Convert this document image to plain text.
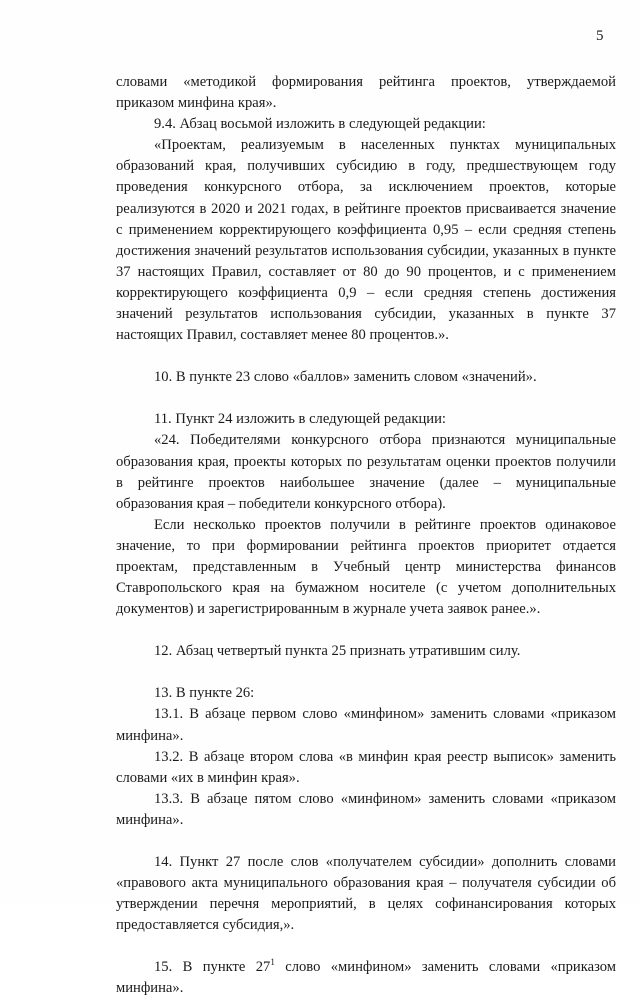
5

словами «методикой формирования рейтинга проектов, утверждаемой приказом минфина края».

9.4. Абзац восьмой изложить в следующей редакции:

«Проектам, реализуемым в населенных пунктах муниципальных образований края, получивших субсидию в году, предшествующем году проведения конкурсного отбора, за исключением проектов, которые реализуются в 2020 и 2021 годах, в рейтинге проектов присваивается значение с применением корректирующего коэффициента 0,95 – если средняя степень достижения значений результатов использования субсидии, указанных в пункте 37 настоящих Правил, составляет от 80 до 90 процентов, и с применением корректирующего коэффициента 0,9 – если средняя степень достижения значений результатов использования субсидии, указанных в пункте 37 настоящих Правил, составляет менее 80 процентов.».

10. В пункте 23 слово «баллов» заменить словом «значений».

11. Пункт 24 изложить в следующей редакции:

«24. Победителями конкурсного отбора признаются муниципальные образования края, проекты которых по результатам оценки проектов получили в рейтинге проектов наибольшее значение (далее – муниципальные образования края – победители конкурсного отбора).

Если несколько проектов получили в рейтинге проектов одинаковое значение, то при формировании рейтинга проектов приоритет отдается проектам, представленным в Учебный центр министерства финансов Ставропольского края на бумажном носителе (с учетом дополнительных документов) и зарегистрированным в журнале учета заявок ранее.».

12. Абзац четвертый пункта 25 признать утратившим силу.

13. В пункте 26:

13.1. В абзаце первом слово «минфином» заменить словами «приказом минфина».

13.2. В абзаце втором слова «в минфин края реестр выписок» заменить словами «их в минфин края».

13.3. В абзаце пятом слово «минфином» заменить словами «приказом минфина».

14. Пункт 27 после слов «получателем субсидии» дополнить словами «правового акта муниципального образования края – получателя субсидии об утверждении перечня мероприятий, в целях софинансирования которых предоставляется субсидия,».

15. В пункте $27^1$ слово «минфином» заменить словами «приказом минфина».
